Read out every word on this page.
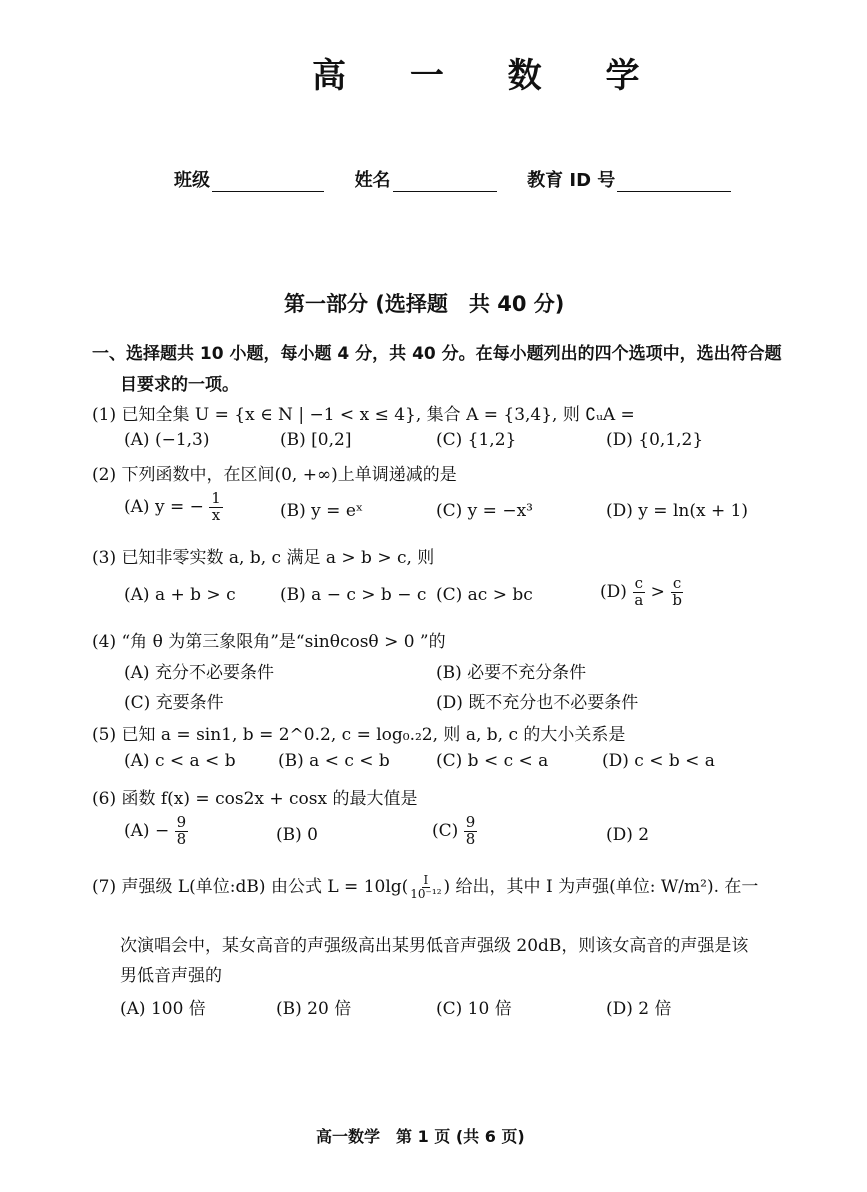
高 一 数 学
班级	姓名	教育 ID 号
第一部分 (选择题　共 40 分)
一、选择题共 10 小题，每小题 4 分，共 40 分。在每小题列出的四个选项中，选出符合题
目要求的一项。
(1) 已知全集 U = {x ∈ N | −1 < x ≤ 4}, 集合 A = {3,4}, 则 ∁ᵤA =
(A) (−1,3)	(B) [0,2]	(C) {1,2}	(D) {0,1,2}
(2) 下列函数中，在区间(0, +∞)上单调递减的是
(A) y = − $\frac{1}{x}$	(B) y = eˣ	(C) y = −x³	(D) y = ln(x + 1)
(3) 已知非零实数 a, b, c 满足 a > b > c, 则
(A) a + b > c	(B) a − c > b − c (C) ac > bc	$(D) \frac{c}{a} > \frac{c}{b}$
(4) “角 θ 为第三象限角”是“sinθcosθ > 0 ”的
(A) 充分不必要条件	(B) 必要不充分条件
(C) 充要条件	(D) 既不充分也不必要条件
(5) 已知 a = sin1, b = 2^0.2, c = log₀.₂2, 则 a, b, c 的大小关系是
(A) c < a < b (B) a < c < b	(C) b < c < a	(D) c < b < a
(6) 函数 f(x) = cos2x + cosx 的最大值是
$(A) - \frac{9}{8}$	(B) 0	$(C) \frac{9}{8}$	(D) 2
(7) 声强级 L(单位:dB) 由公式 $L = 10\lg( \frac{I}{\text{10⁻¹²}}$ ) 给出，其中 I 为声强(单位: W/m²). 在一
次演唱会中，某女高音的声强级高出某男低音声强级 20dB，则该女高音的声强是该
男低音声强的
(A) 100 倍	(B) 20 倍	(C) 10 倍	(D) 2 倍
高一数学　第 1 页 (共 6 页)
